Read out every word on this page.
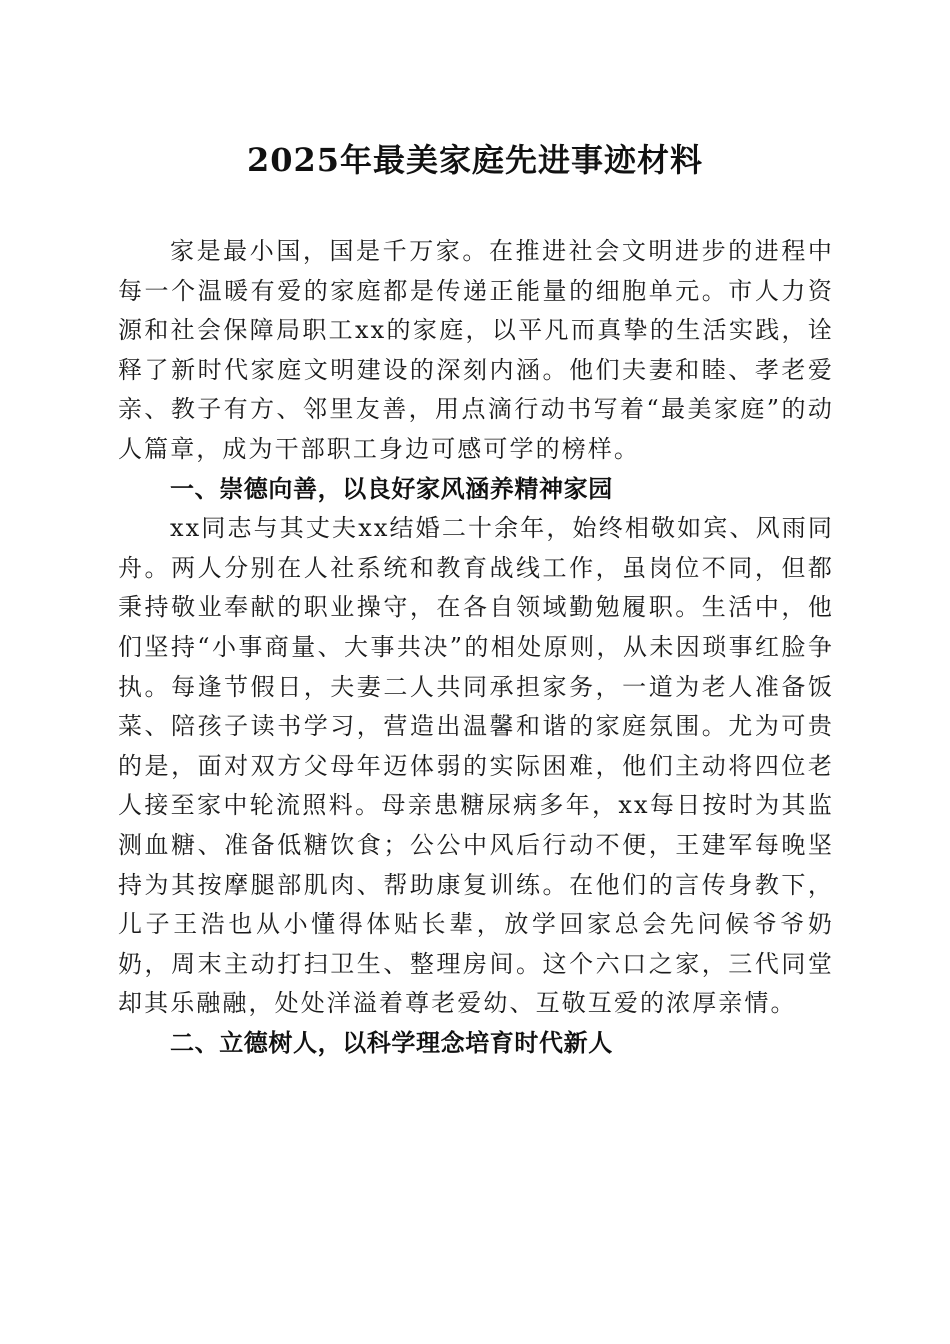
2025年最美家庭先进事迹材料

家是最小国，国是千万家。在推进社会文明进步的进程中每一个温暖有爱的家庭都是传递正能量的细胞单元。市人力资源和社会保障局职工xx的家庭，以平凡而真挚的生活实践，诠释了新时代家庭文明建设的深刻内涵。他们夫妻和睦、孝老爱亲、教子有方、邻里友善，用点滴行动书写着“最美家庭”的动人篇章，成为干部职工身边可感可学的榜样。

一、崇德向善，以良好家风涵养精神家园

xx同志与其丈夫xx结婚二十余年，始终相敬如宾、风雨同舟。两人分别在人社系统和教育战线工作，虽岗位不同，但都秉持敬业奉献的职业操守，在各自领域勤勉履职。生活中，他们坚持“小事商量、大事共决”的相处原则，从未因琐事红脸争执。每逢节假日，夫妻二人共同承担家务，一道为老人准备饭菜、陪孩子读书学习，营造出温馨和谐的家庭氛围。尤为可贵的是，面对双方父母年迈体弱的实际困难，他们主动将四位老人接至家中轮流照料。母亲患糖尿病多年，xx每日按时为其监测血糖、准备低糖饮食；公公中风后行动不便，王建军每晚坚持为其按摩腿部肌肉、帮助康复训练。在他们的言传身教下，儿子王浩也从小懂得体贴长辈，放学回家总会先问候爷爷奶奶，周末主动打扫卫生、整理房间。这个六口之家，三代同堂却其乐融融，处处洋溢着尊老爱幼、互敬互爱的浓厚亲情。

二、立德树人，以科学理念培育时代新人
